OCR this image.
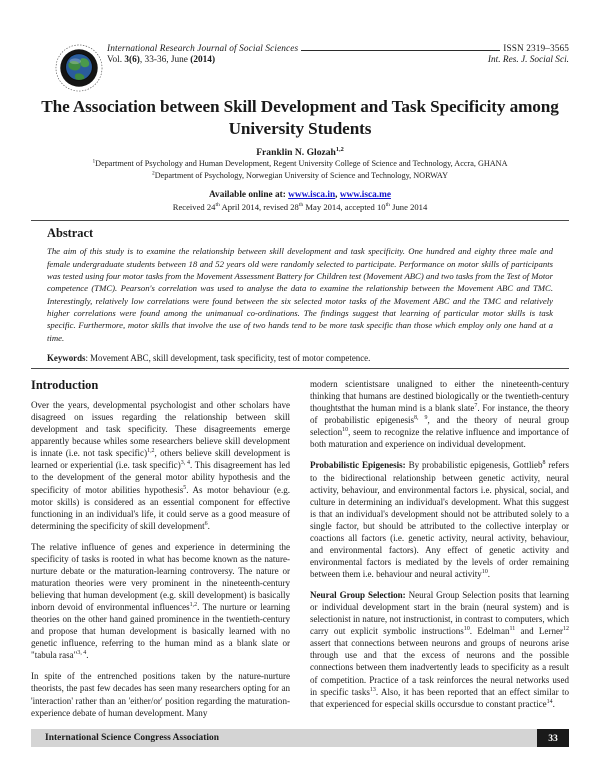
International Research Journal of Social Sciences	ISSN 2319–3565
Vol. 3(6), 33-36, June (2014)	Int. Res. J. Social Sci.
The Association between Skill Development and Task Specificity among University Students
Franklin N. Glozah$^{1,2}$
$^1$Department of Psychology and Human Development, Regent University College of Science and Technology, Accra, GHANA
$^2$Department of Psychology, Norwegian University of Science and Technology, NORWAY
Available online at: www.isca.in, www.isca.me
Received 24th April 2014, revised 28th May 2014, accepted 10th June 2014
Abstract
The aim of this study is to examine the relationship between skill development and task specificity. One hundred and eighty three male and female undergraduate students between 18 and 52 years old were randomly selected to participate. Performance on motor skills of participants was tested using four motor tasks from the Movement Assessment Battery for Children test (Movement ABC) and two tasks from the Test of Motor competence (TMC). Pearson's correlation was used to analyse the data to examine the relationship between the Movement ABC and TMC. Interestingly, relatively low correlations were found between the six selected motor tasks of the Movement ABC and the TMC and relatively higher correlations were found among the unimanual co-ordinations. The findings suggest that learning of particular motor skills is task specific. Furthermore, motor skills that involve the use of two hands tend to be more task specific than those which employ only one hand at a time.
Keywords: Movement ABC, skill development, task specificity, test of motor competence.
Introduction

Over the years, developmental psychologist and other scholars have disagreed on issues regarding the relationship between skill development and task specificity. These disagreements emerge apparently because whiles some researchers believe skill development is innate (i.e. not task specific)$^{1,2}$, others believe skill development is learned or experiential (i.e. task specific)$^{3, 4}$. This disagreement has led to the development of the general motor ability hypothesis and the specificity of motor abilities hypothesis$^5$. As motor behaviour (e.g. motor skills) is considered as an essential component for effective functioning in an individual's life, it could serve as a good measure of determining the specificity of skill development$^6$.

The relative influence of genes and experience in determining the specificity of tasks is rooted in what has become known as the nature-nurture debate or the maturation-learning controversy. The nature or maturation theories were very prominent in the nineteenth-century believing that human development (e.g. skill development) is basically inborn devoid of environmental influences$^{1,2}$. The nurture or learning theories on the other hand gained prominence in the twentieth-century and propose that human development is basically learned with no genetic influence, referring to the human mind as a blank slate or "tabula rasa"$^{3, 4}$.

In spite of the entrenched positions taken by the nature-nurture theorists, the past few decades has seen many researchers opting for an 'interaction' rather than an 'either/or' position regarding the maturation-experience debate of human development. Many

modern scientistsare unaligned to either the nineteenth-century thinking that humans are destined biologically or the twentieth-century thoughtsthat the human mind is a blank slate$^7$. For instance, the theory of probabilistic epigenesis$^{8, 9}$, and the theory of neural group selection$^{10}$, seem to recognize the relative influence and importance of both maturation and experience on individual development.

Probabilistic Epigenesis: By probabilistic epigenesis, Gottlieb$^8$ refers to the bidirectional relationship between genetic activity, neural activity, behaviour, and environmental factors i.e. physical, social, and culture in determining an individual's development. What this suggest is that an individual's development should not be attributed solely to a single factor, but should be attributed to the collective interplay or coactions all factors (i.e. genetic activity, neural activity, behaviour, and environmental factors). Any effect of genetic activity and environmental factors is mediated by the levels of order remaining between them i.e. behaviour and neural activity$^{10}$.

Neural Group Selection: Neural Group Selection posits that learning or individual development start in the brain (neural system) and is selectionist in nature, not instructionist, in contrast to computers, which carry out explicit symbolic instructions$^{10}$. Edelman$^{11}$ and Lerner$^{12}$ assert that connections between neurons and groups of neurons arise through use and that the excess of neurons and the possible connections between them inadvertently leads to specificity as a result of competition. Practice of a task reinforces the neural networks used in specific tasks$^{13}$. Also, it has been reported that an effect similar to that experienced for especial skills occursdue to constant practice$^{14}$.

International Science Congress Association	33
